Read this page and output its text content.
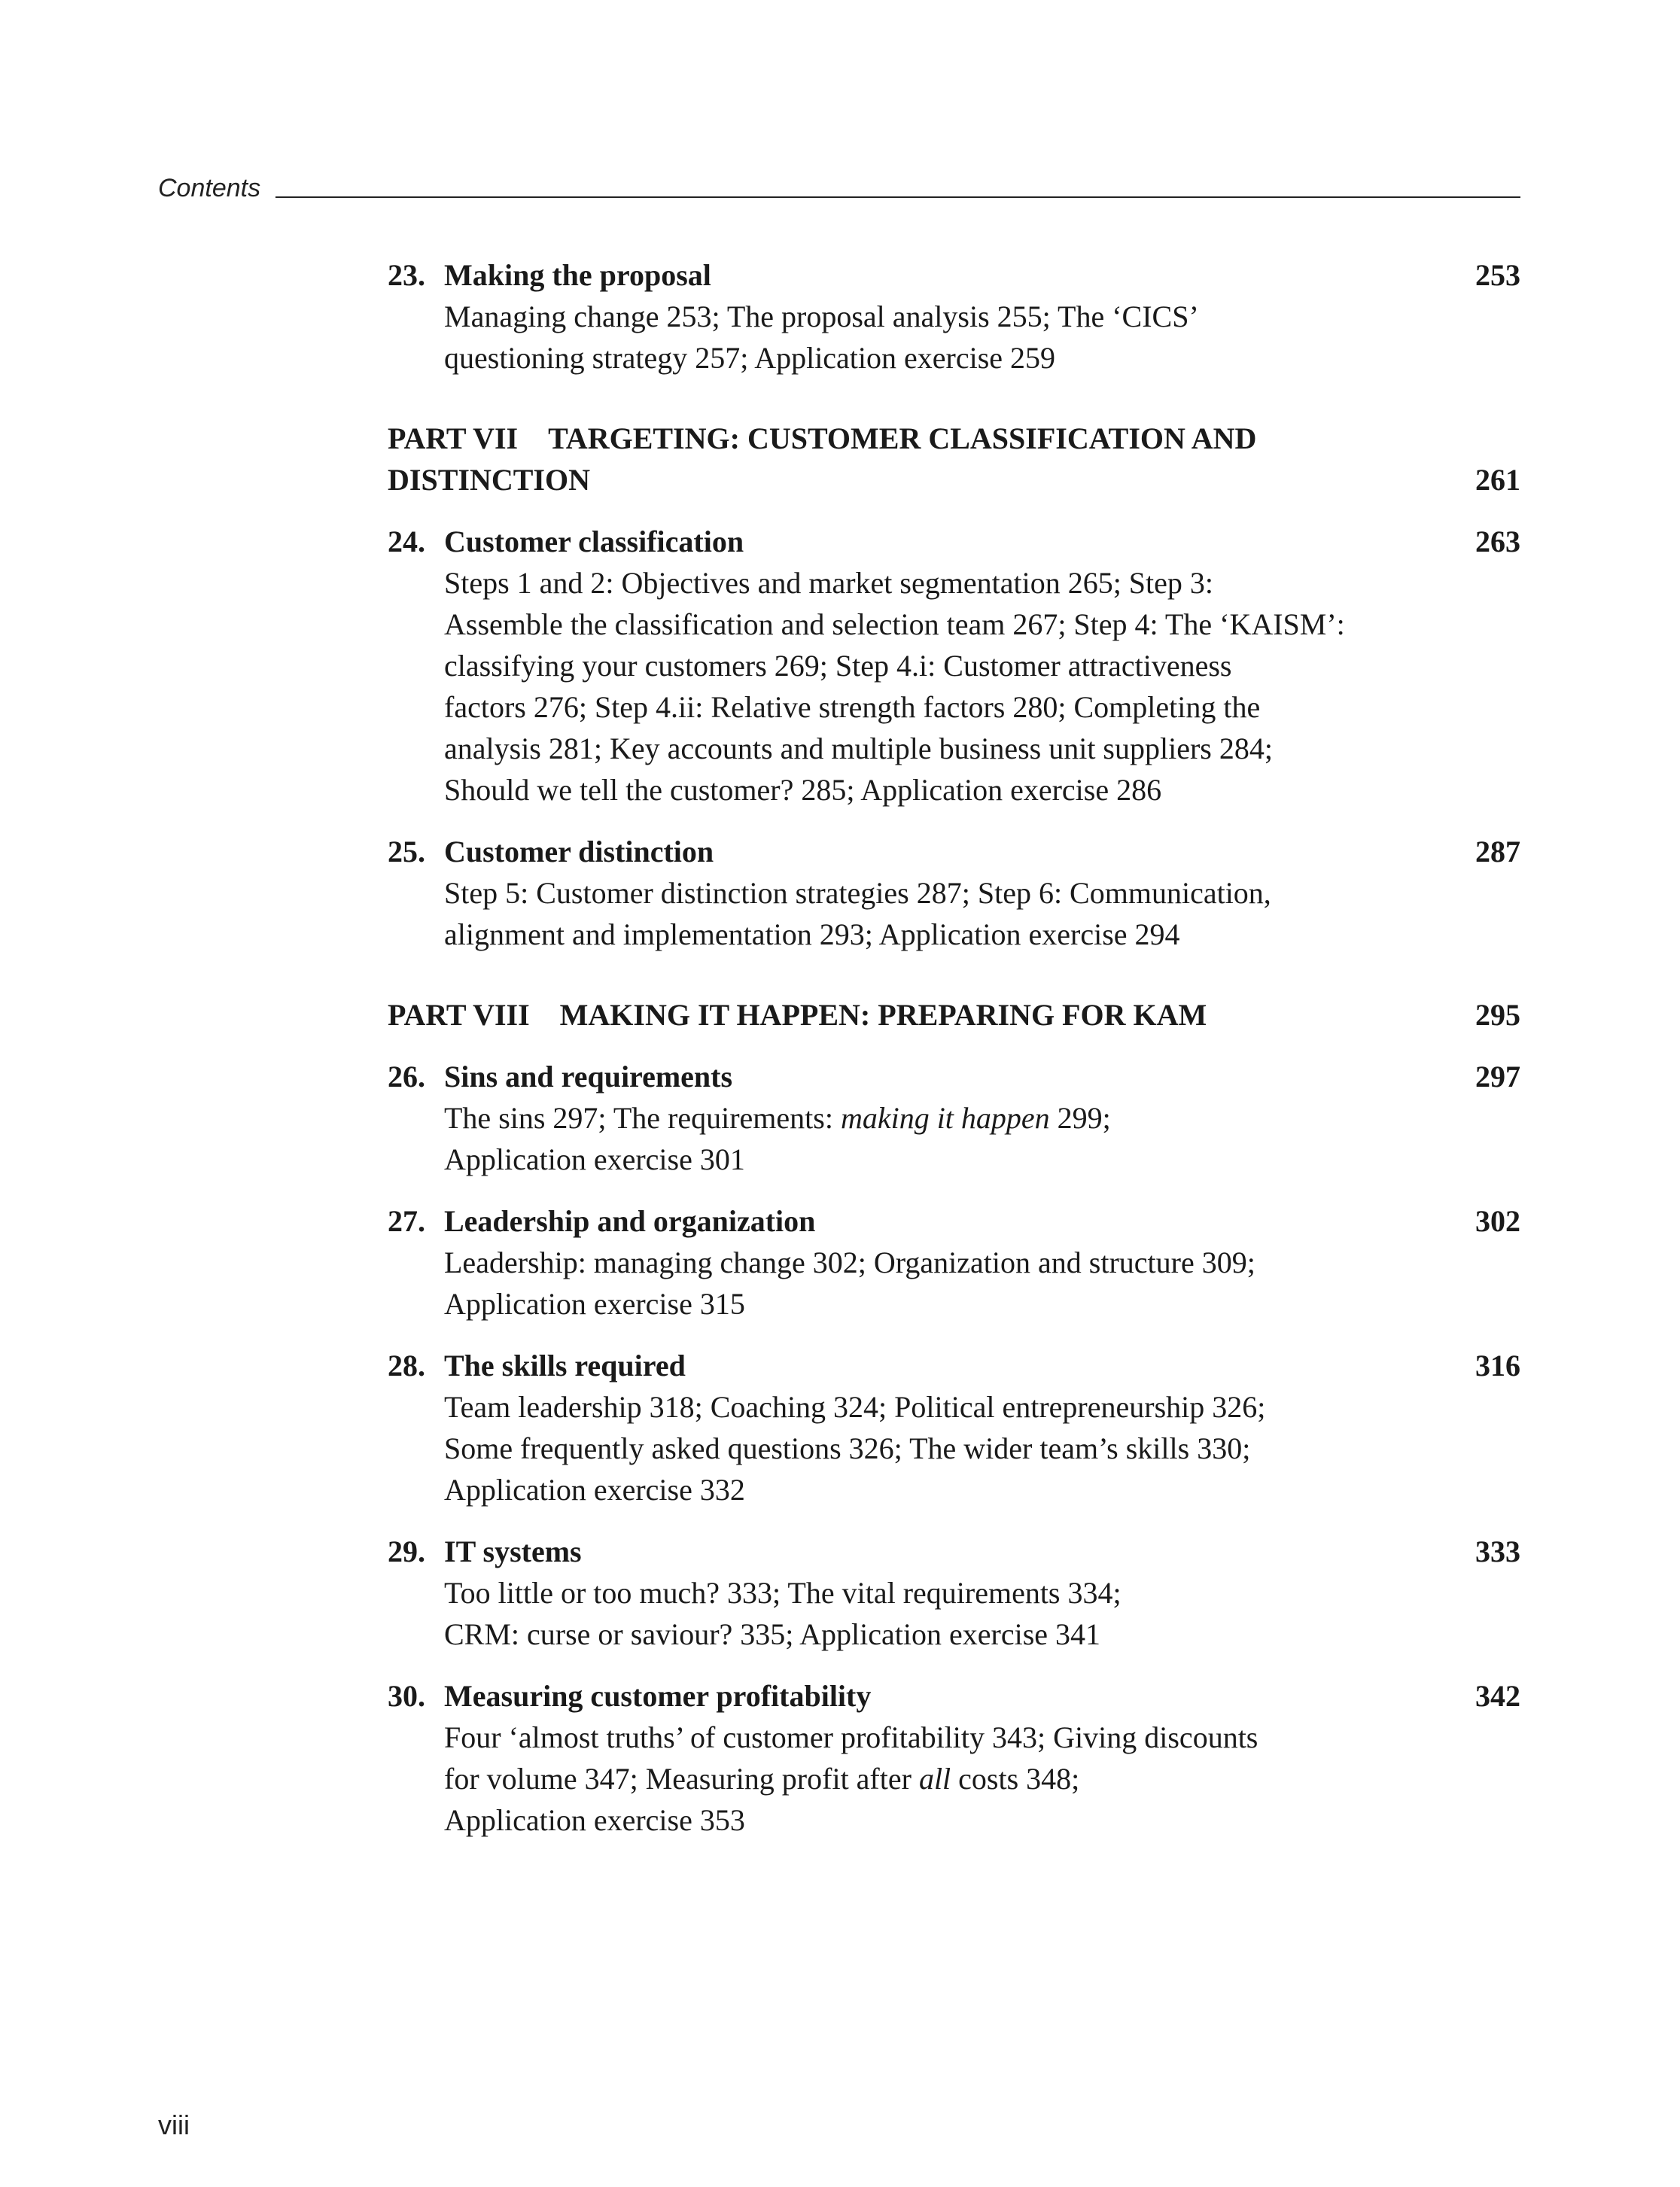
Contents
23. Making the proposal	253
Managing change 253; The proposal analysis 255; The ‘CICS’
questioning strategy 257; Application exercise 259
PART VII TARGETING: CUSTOMER CLASSIFICATION AND
DISTINCTION	261
24. Customer classification	263
Steps 1 and 2: Objectives and market segmentation 265; Step 3:
Assemble the classification and selection team 267; Step 4: The ‘KAISM’:
classifying your customers 269; Step 4.i: Customer attractiveness
factors 276; Step 4.ii: Relative strength factors 280; Completing the
analysis 281; Key accounts and multiple business unit suppliers 284;
Should we tell the customer? 285; Application exercise 286
25. Customer distinction	287
Step 5: Customer distinction strategies 287; Step 6: Communication,
alignment and implementation 293; Application exercise 294
PART VIII MAKING IT HAPPEN: PREPARING FOR KAM	295
26. Sins and requirements	297
The sins 297; The requirements: making it happen 299;
Application exercise 301
27. Leadership and organization	302
Leadership: managing change 302; Organization and structure 309;
Application exercise 315
28. The skills required	316
Team leadership 318; Coaching 324; Political entrepreneurship 326;
Some frequently asked questions 326; The wider team’s skills 330;
Application exercise 332
29. IT systems	333
Too little or too much? 333; The vital requirements 334;
CRM: curse or saviour? 335; Application exercise 341
30. Measuring customer profitability	342
Four ‘almost truths’ of customer profitability 343; Giving discounts
for volume 347; Measuring profit after all costs 348;
Application exercise 353
viii
